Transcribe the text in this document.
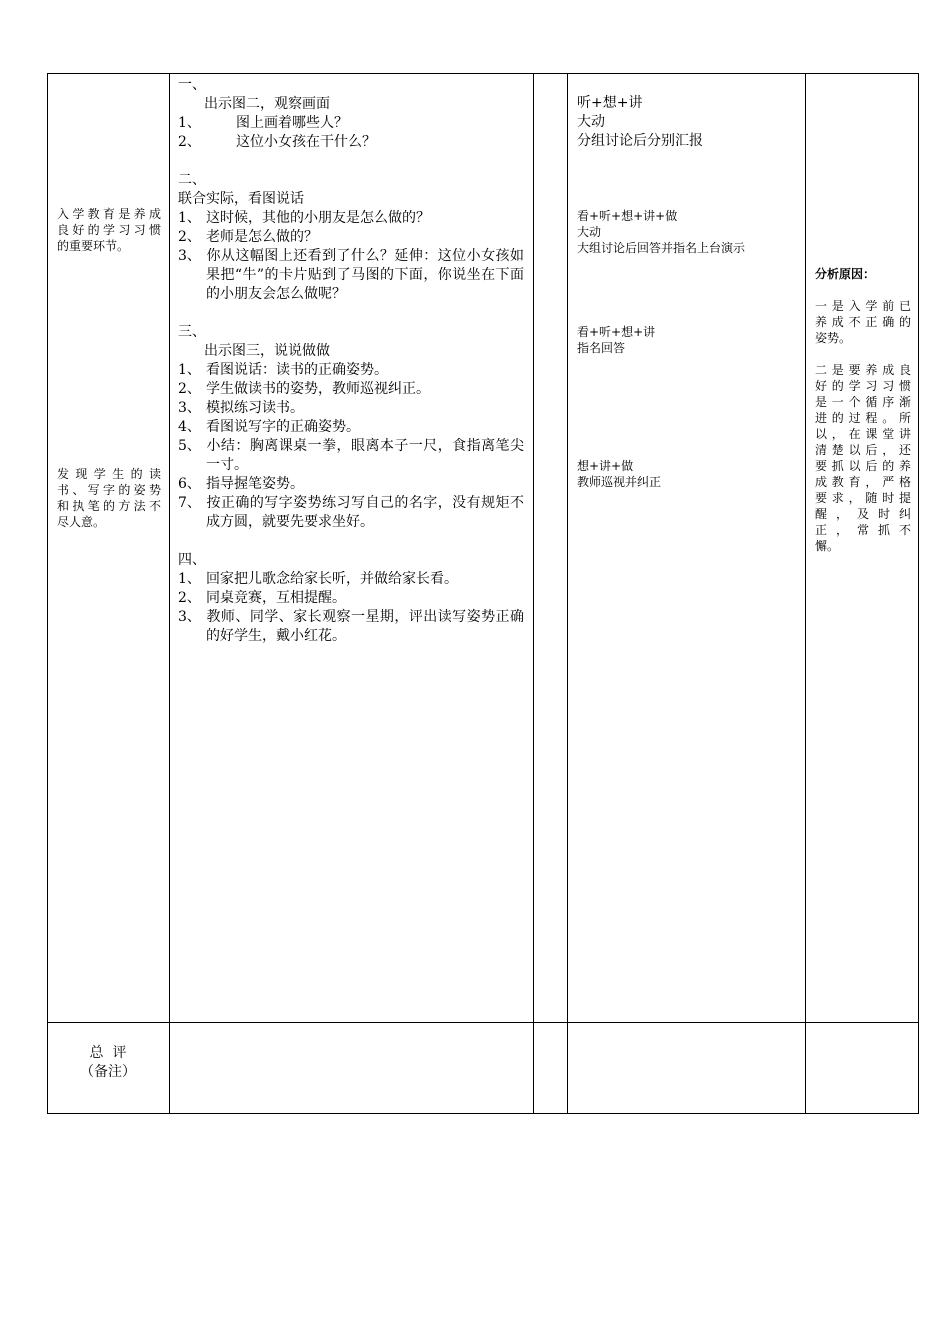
入学教育是养成
良好的学习习惯
的重要环节。
发现学生的读
书、写字的姿势
和执笔的方法不
尽人意。
总  评
（备注）
一、
出示图二，观察画面
1、	图上画着哪些人？
2、	这位小女孩在干什么？
二、
联合实际，看图说话
1、 这时候，其他的小朋友是怎么做的？
2、 老师是怎么做的？
3、 你从这幅图上还看到了什么？延伸：这位小女孩如果把“牛”的卡片贴到了马图的下面，你说坐在下面的小朋友会怎么做呢？
三、
出示图三，说说做做
1、 看图说话：读书的正确姿势。
2、 学生做读书的姿势，教师巡视纠正。
3、 模拟练习读书。
4、 看图说写字的正确姿势。
5、 小结：胸离课桌一拳，眼离本子一尺，食指离笔尖一寸。
6、 指导握笔姿势。
7、 按正确的写字姿势练习写自己的名字，没有规矩不成方圆，就要先要求坐好。
四、
1、 回家把儿歌念给家长听，并做给家长看。
2、 同桌竞赛，互相提醒。
3、 教师、同学、家长观察一星期，评出读写姿势正确的好学生，戴小红花。
听+想+讲
大动
分组讨论后分别汇报
看+听+想+讲+做
大动
大组讨论后回答并指名上台演示
看+听+想+讲
指名回答
想+讲+做
教师巡视并纠正
分析原因：
一是入学前已
养成不正确的
姿势。
二是要养成良
好的学习习惯
是一个循序渐
进的过程。所
以，在课堂讲
清楚以后，还
要抓以后的养
成教育，严格
要求，随时提
醒，及时纠
正，常抓不
懈。
